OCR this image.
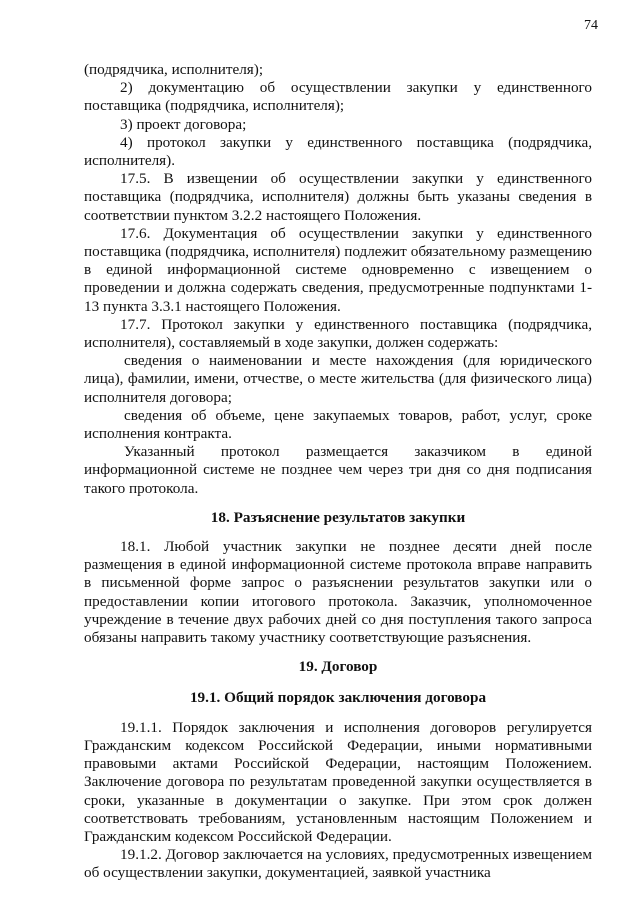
74

(подрядчика, исполнителя);

2) документацию об осуществлении закупки у единственного поставщика (подрядчика, исполнителя);

3) проект договора;

4) протокол закупки у единственного поставщика (подрядчика, исполнителя).

17.5. В извещении об осуществлении закупки у единственного поставщика (подрядчика, исполнителя) должны быть указаны сведения в соответствии пунктом 3.2.2 настоящего Положения.

17.6. Документация об осуществлении закупки у единственного поставщика (подрядчика, исполнителя) подлежит обязательному размещению в единой информационной системе одновременно с извещением о проведении и должна содержать сведения, предусмотренные подпунктами 1-13 пункта 3.3.1 настоящего Положения.

17.7. Протокол закупки у единственного поставщика (подрядчика, исполнителя), составляемый в ходе закупки, должен содержать:

сведения о наименовании и месте нахождения (для юридического лица), фамилии, имени, отчестве, о месте жительства (для физического лица) исполнителя договора;

сведения об объеме, цене закупаемых товаров, работ, услуг, сроке исполнения контракта.

Указанный протокол размещается заказчиком в единой информационной системе не позднее чем через три дня со дня подписания такого протокола.

18. Разъяснение результатов закупки

18.1. Любой участник закупки не позднее десяти дней после размещения в единой информационной системе протокола вправе направить в письменной форме запрос о разъяснении результатов закупки или о предоставлении копии итогового протокола. Заказчик, уполномоченное учреждение в течение двух рабочих дней со дня поступления такого запроса обязаны направить такому участнику соответствующие разъяснения.

19. Договор
19.1. Общий порядок заключения договора

19.1.1. Порядок заключения и исполнения договоров регулируется Гражданским кодексом Российской Федерации, иными нормативными правовыми актами Российской Федерации, настоящим Положением. Заключение договора по результатам проведенной закупки осуществляется в сроки, указанные в документации о закупке. При этом срок должен соответствовать требованиям, установленным настоящим Положением и Гражданским кодексом Российской Федерации.

19.1.2. Договор заключается на условиях, предусмотренных извещением об осуществлении закупки, документацией, заявкой участника
